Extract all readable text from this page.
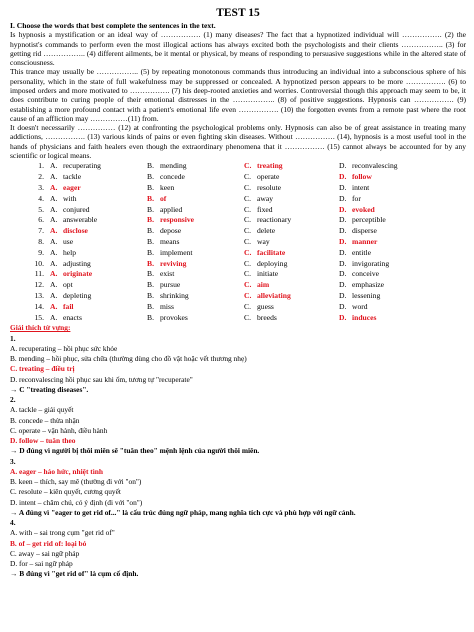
TEST 15
I. Choose the words that best complete the sentences in the text.

Is hypnosis a mystification or an ideal way of ……………. (1) many diseases? The fact that a hypnotized individual will ……………. (2) the hypnotist's commands to perform even the most illogical actions has always excited both the psychologists and their clients …………….. (3) for getting rid …………….. (4) different ailments, be it mental or physical, by means of responding to persuasive suggestions while in the altered state of consciousness.

This trance may usually be …………….. (5) by repeating monotonous commands thus introducing an individual into a subconscious sphere of his personality, which in the state of full wakefulness may be suppressed or concealed. A hypnotized person appears to be more ……………. (6) to imposed orders and more motivated to ……………. (7) his deep-rooted anxieties and worries. Controversial though this approach may seem to be, it does contribute to curing people of their emotional distresses in the …………….. (8) of positive suggestions. Hypnosis can ……………. (9) establishing a more profound contact with a patient's emotional life even ……………. (10) the forgotten events from a remote past where the root cause of an affliction may ……………(11) from.

It doesn't necessarily …………… (12) at confronting the psychological problems only. Hypnosis can also be of great assistance in treating many addictions, ……………. (13) various kinds of pains or even fighting skin diseases. Without ……………. (14), hypnosis is a most useful tool in the hands of physicians and faith healers even though the extraordinary phenomena that it ……………. (15) cannot always be accounted for by any scientific or logical means.

1.	A. recuperating	B. mending	C. treating	D. reconvalescing
2.	A. tackle	B. concede	C. operate	D. follow
3.	A. eager	B. keen	C. resolute	D. intent
4.	A. with	B. of	C. away	D. for
5.	A. conjured	B. applied	C. fixed	D. evoked
6.	A. answerable	B. responsive	C. reactionary	D. perceptible
7.	A. disclose	B. depose	C. delete	D. disperse
8.	A. use	B. means	C. way	D. manner
9.	A. help	B. implement	C. facilitate	D. entitle
10.	A. adjusting	B. reviving	C. deploying	D. invigorating
11.	A. originate	B. exist	C. initiate	D. conceive
12.	A. opt	B. pursue	C. aim	D. emphasize
13.	A. depleting	B. shrinking	C. alleviating	D. lessening
14.	A. fail	B. miss	C. guess	D. word
15.	A. enacts	B. provokes	C. breeds	D. induces
Giải thích từ vựng:
1.
A. recuperating – hồi phục sức khỏe
B. mending – hồi phục, sửa chữa (thường dùng cho đồ vật hoặc vết thương nhẹ)
C. treating – điều trị
D. reconvalescing hồi phục sau khi ốm, tương tự "recuperate"
→ C "treating diseases".
2.
A. tackle – giải quyết
B. concede – thừa nhận
C. operate – vận hành, điều hành
D. follow – tuân theo
→ D đúng vì người bị thôi miên sẽ "tuân theo" mệnh lệnh của người thôi miên.
3.
A. eager – háo hức, nhiệt tình
B. keen – thích, say mê (thường đi với "on")
C. resolute – kiên quyết, cương quyết
D. intent – chăm chú, có ý định (đi với "on")
→ A đúng vì "eager to get rid of..." là cấu trúc đúng ngữ pháp, mang nghĩa tích cực và phù hợp với ngữ cảnh.
4.
A. with – sai trong cụm "get rid of"
B. of – get rid of: loại bỏ
C. away – sai ngữ pháp
D. for – sai ngữ pháp
→ B đúng vì "get rid of" là cụm cố định.
